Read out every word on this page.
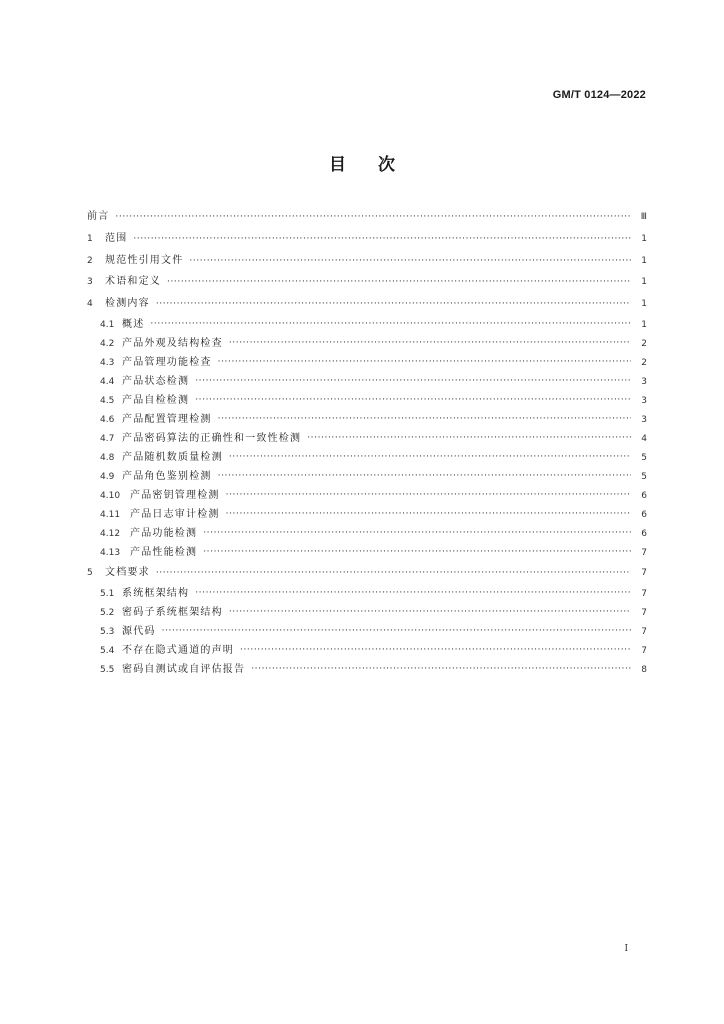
GM/T 0124—2022
目次
前言 ·····	Ⅲ
1	范围 ·····	1
2	规范性引用文件 ·····	1
3	术语和定义 ·····	1
4	检测内容 ·····	1
4.1 概述 ·····	1
4.2 产品外观及结构检查 ·····	2
4.3 产品管理功能检查 ·····	2
4.4 产品状态检测 ·····	3
4.5 产品自检检测 ·····	3
4.6 产品配置管理检测 ·····	3
4.7 产品密码算法的正确性和一致性检测 ·····	4
4.8 产品随机数质量检测 ·····	5
4.9 产品角色鉴别检测 ·····	5
4.10 产品密钥管理检测 ·····	6
4.11 产品日志审计检测 ·····	6
4.12 产品功能检测 ·····	6
4.13 产品性能检测 ·····	7
5	文档要求 ·····	7
5.1 系统框架结构 ·····	7
5.2 密码子系统框架结构 ·····	7
5.3 源代码 ·····	7
5.4 不存在隐式通道的声明 ·····	7
5.5 密码自测试或自评估报告 ·····	8
I
